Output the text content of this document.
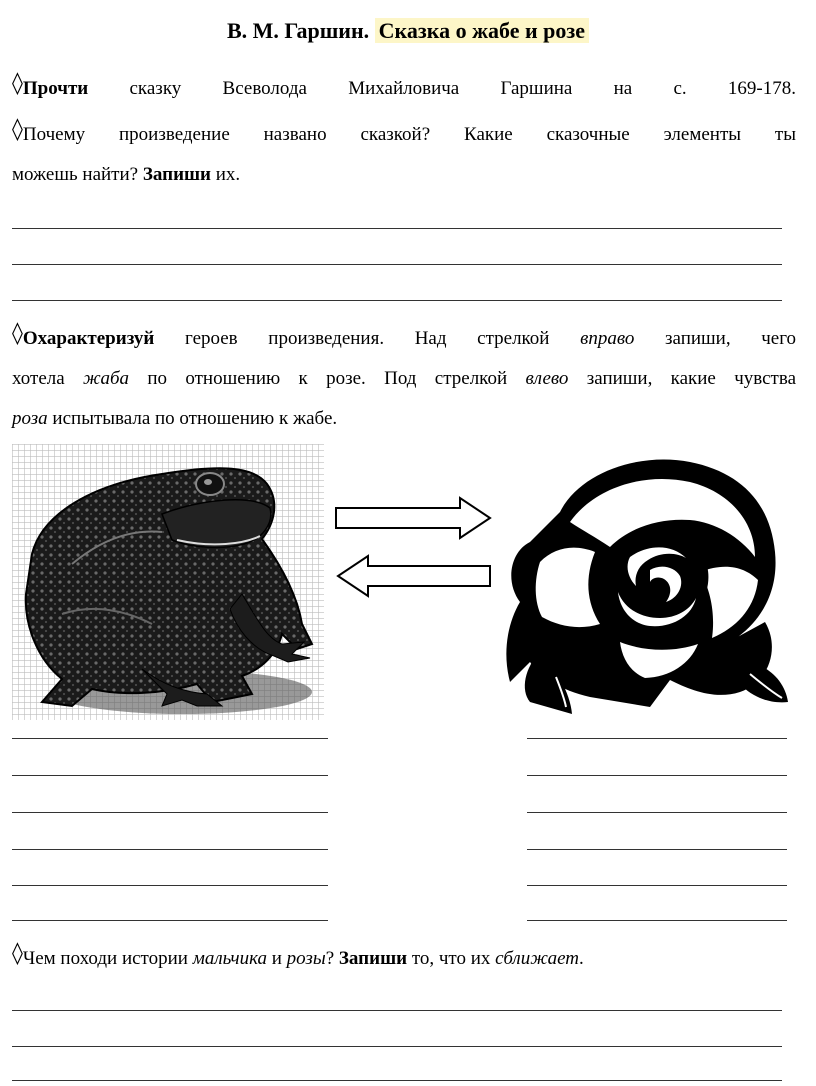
В. М. Гаршин. Сказка о жабе и розе
◊Прочти сказку Всеволода Михайловича Гаршина на с. 169-178.
◊Почему произведение названо сказкой? Какие сказочные элементы ты
можешь найти? Запиши их.
◊Охарактеризуй героев произведения. Над стрелкой вправо запиши, чего
хотела жаба по отношению к розе. Под стрелкой влево запиши, какие чувства
роза испытывала по отношению к жабе.
◊Чем походи истории мальчика и розы? Запиши то, что их сближает.
